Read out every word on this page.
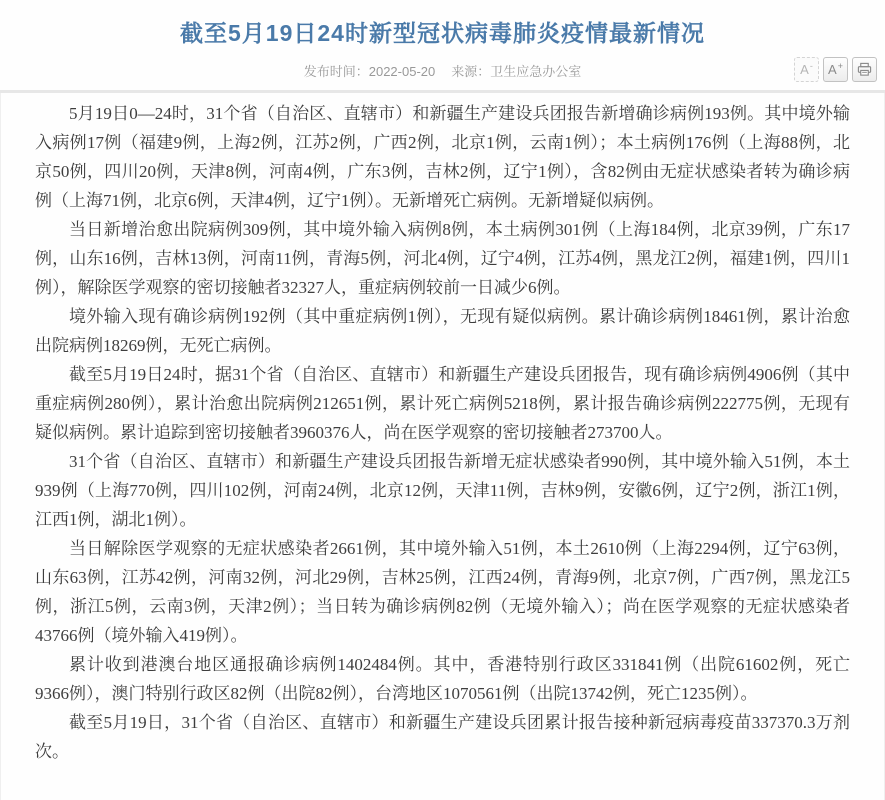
截至5月19日24时新型冠状病毒肺炎疫情最新情况
发布时间：2022-05-20 来源：卫生应急办公室	A- A+

5月19日0—24时，31个省（自治区、直辖市）和新疆生产建设兵团报告新增确诊病例193例。其中境外输入病例17例（福建9例，上海2例，江苏2例，广西2例，北京1例，云南1例）；本土病例176例（上海88例，北京50例，四川20例，天津8例，河南4例，广东3例，吉林2例，辽宁1例），含82例由无症状感染者转为确诊病例（上海71例，北京6例，天津4例，辽宁1例）。无新增死亡病例。无新增疑似病例。

当日新增治愈出院病例309例，其中境外输入病例8例，本土病例301例（上海184例，北京39例，广东17例，山东16例，吉林13例，河南11例，青海5例，河北4例，辽宁4例，江苏4例，黑龙江2例，福建1例，四川1例），解除医学观察的密切接触者32327人，重症病例较前一日减少6例。

境外输入现有确诊病例192例（其中重症病例1例），无现有疑似病例。累计确诊病例18461例，累计治愈出院病例18269例，无死亡病例。

截至5月19日24时，据31个省（自治区、直辖市）和新疆生产建设兵团报告，现有确诊病例4906例（其中重症病例280例），累计治愈出院病例212651例，累计死亡病例5218例，累计报告确诊病例222775例，无现有疑似病例。累计追踪到密切接触者3960376人，尚在医学观察的密切接触者273700人。

31个省（自治区、直辖市）和新疆生产建设兵团报告新增无症状感染者990例，其中境外输入51例，本土939例（上海770例，四川102例，河南24例，北京12例，天津11例，吉林9例，安徽6例，辽宁2例，浙江1例，江西1例，湖北1例）。

当日解除医学观察的无症状感染者2661例，其中境外输入51例，本土2610例（上海2294例，辽宁63例，山东63例，江苏42例，河南32例，河北29例，吉林25例，江西24例，青海9例，北京7例，广西7例，黑龙江5例，浙江5例，云南3例，天津2例）；当日转为确诊病例82例（无境外输入）；尚在医学观察的无症状感染者43766例（境外输入419例）。

累计收到港澳台地区通报确诊病例1402484例。其中，香港特别行政区331841例（出院61602例，死亡9366例），澳门特别行政区82例（出院82例），台湾地区1070561例（出院13742例，死亡1235例）。

截至5月19日，31个省（自治区、直辖市）和新疆生产建设兵团累计报告接种新冠病毒疫苗337370.3万剂次。
